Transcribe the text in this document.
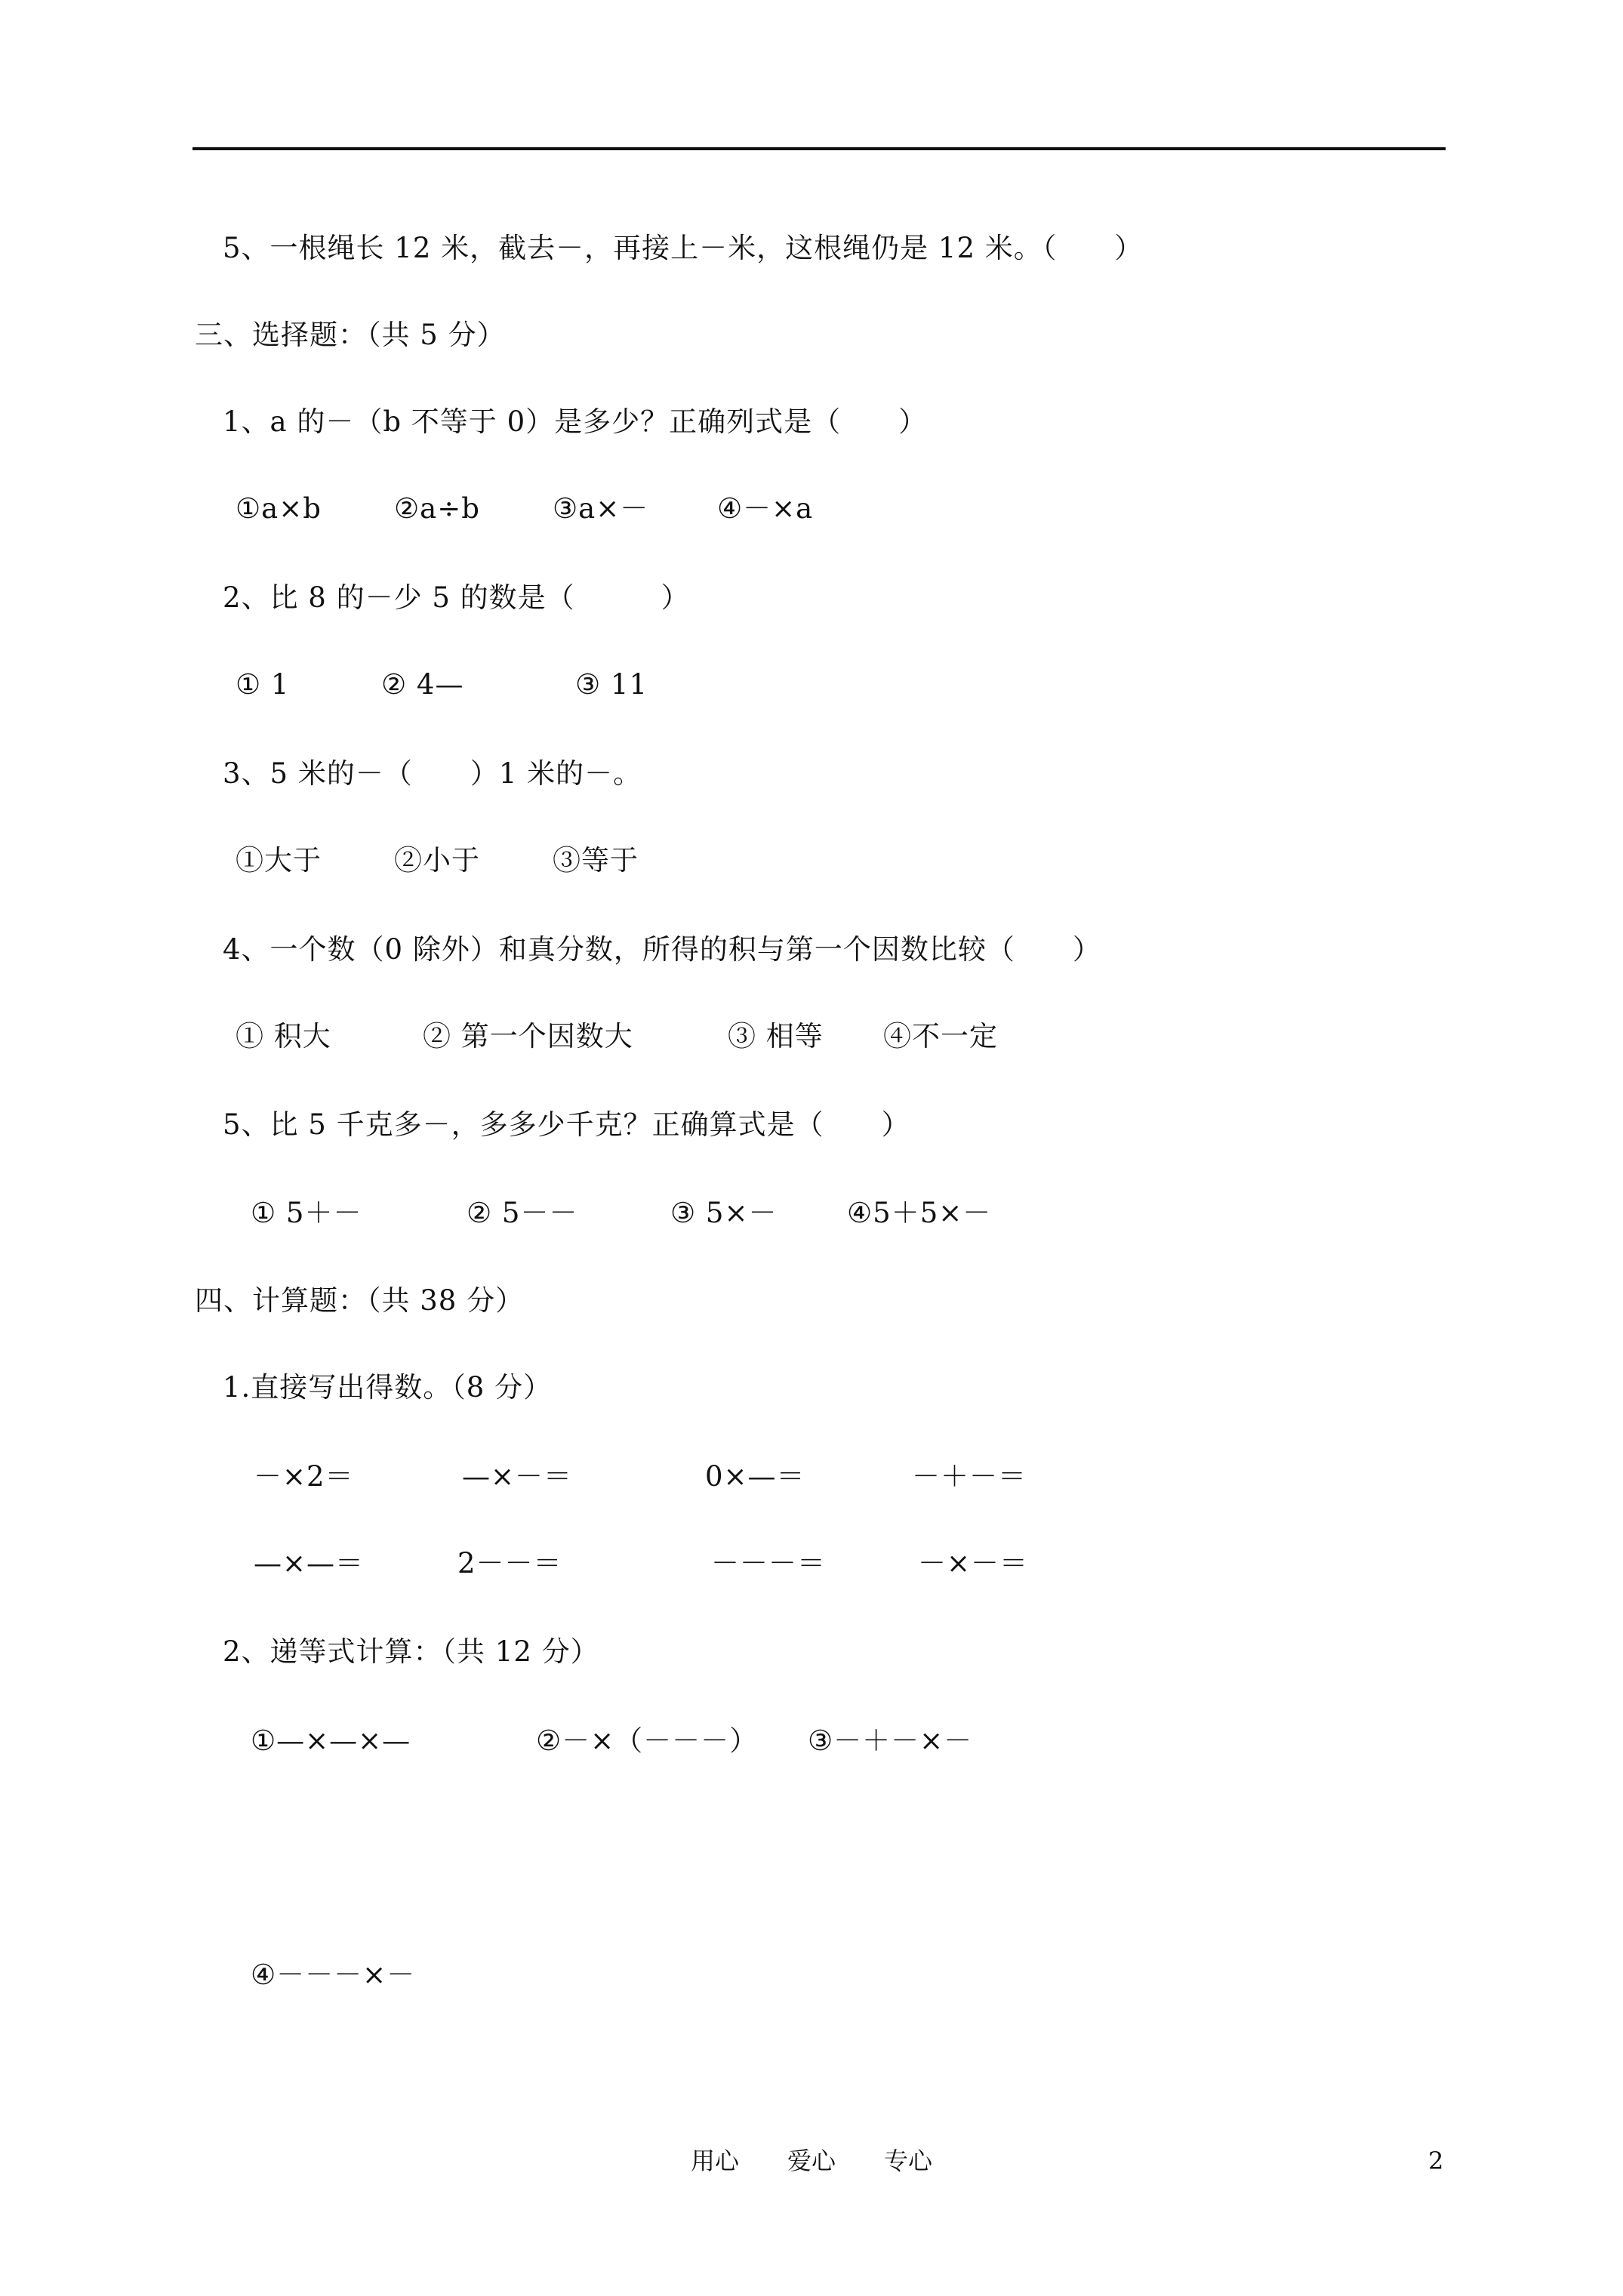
5、一根绳长 12 米，截去－，再接上－米，这根绳仍是 12 米。（　　）
三、选择题：（共 5 分）
1、a 的－（b 不等于 0）是多少？正确列式是（　　）

①a×b

	②a÷b

	③a×－

④－×a

2、比 8 的－少 5 的数是（　　　）

① 1

	② 4—

	③ 11

3、5 米的－（　　）1 米的－。

①大于

	②小于

	③等于

4、一个数（0 除外）和真分数，所得的积与第一个因数比较（　　）

① 积大

	② 第一个因数大

	③ 相等

④不一定

5、比 5 千克多－，多多少千克？正确算式是（　　）

① 5＋－

	② 5－－

	③ 5×－

	④5＋5×－

四、计算题：（共 38 分）
1.直接写出得数。（8 分）

－×2＝

	—×－＝

	0×—＝

	－＋－＝

—×—＝

	2－－＝

	－－－＝

	－×－＝

2、递等式计算：（共 12 分）

①—×—×—

	②－×（－－－）

③－＋－×－

④－－－×－

用心　　 爱心　　 专心	2
